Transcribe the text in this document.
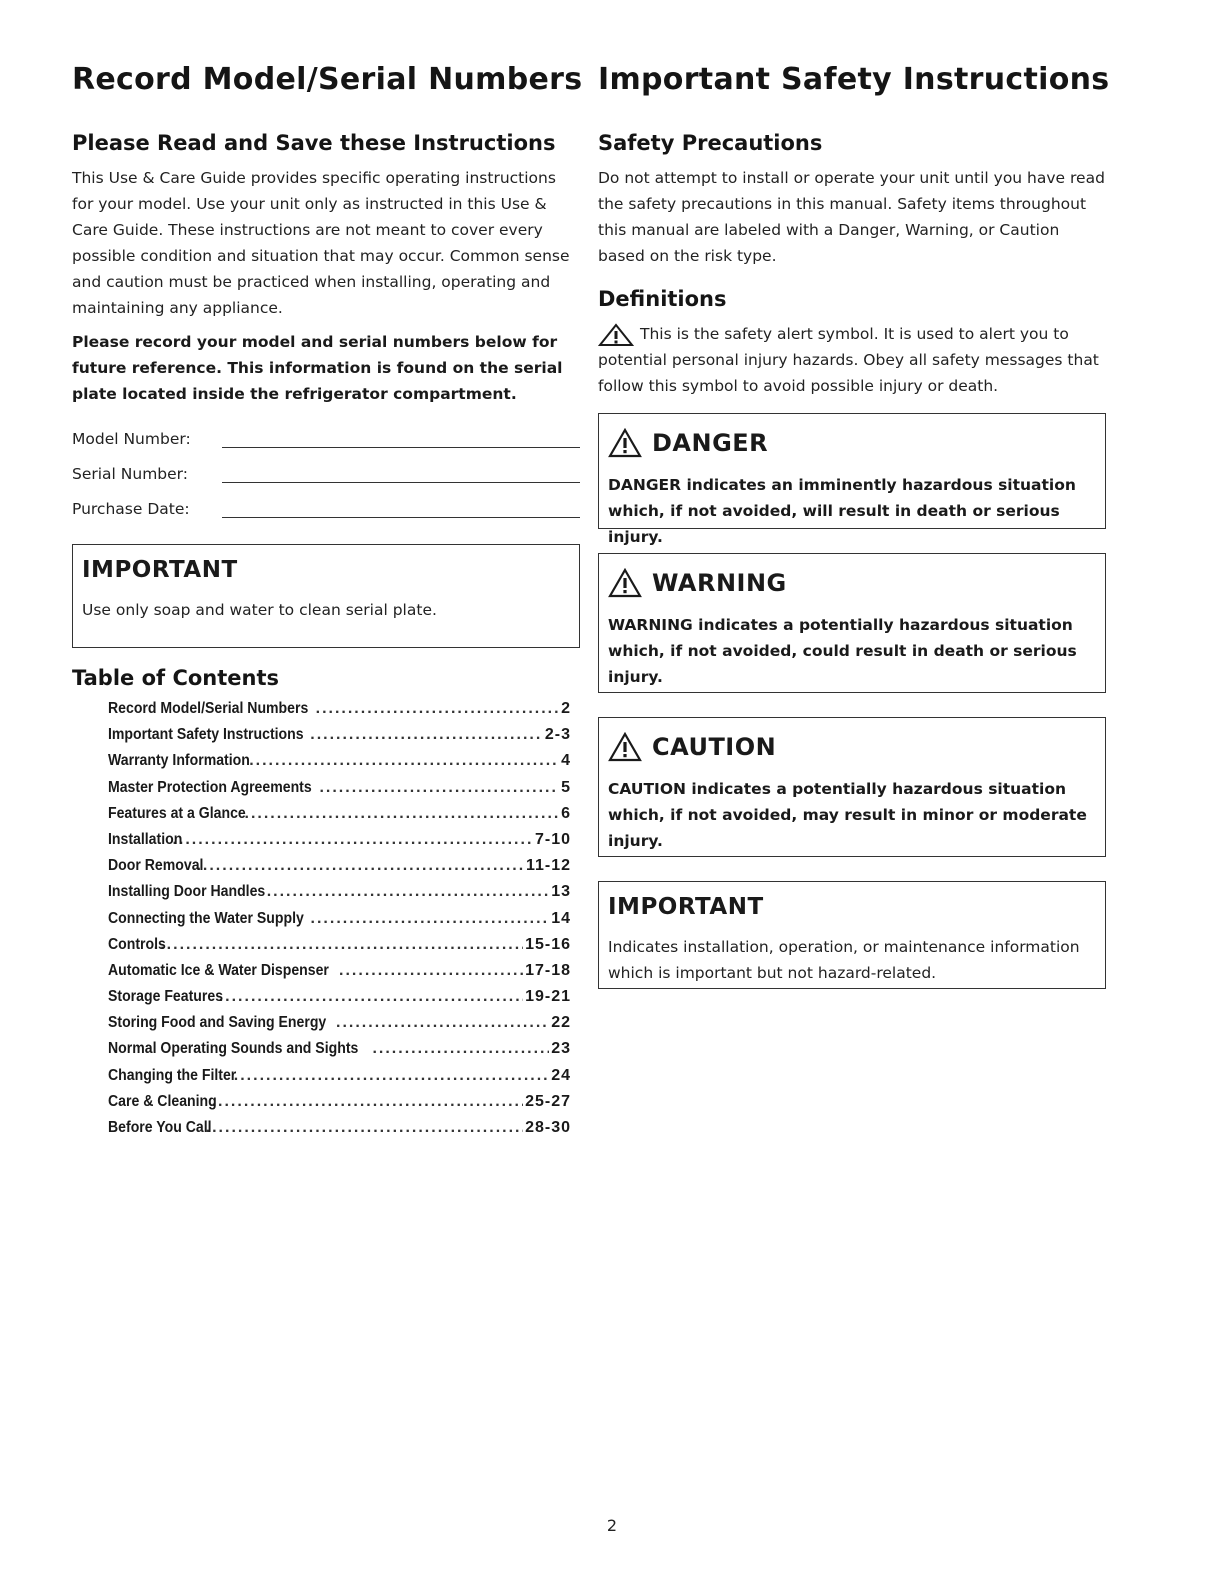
Record Model/Serial Numbers
Please Read and Save these Instructions

This Use & Care Guide provides specific operating instructions for your model. Use your unit only as instructed in this Use & Care Guide. These instructions are not meant to cover every possible condition and situation that may occur. Common sense and caution must be practiced when installing, operating and maintaining any appliance.

Please record your model and serial numbers below for future reference. This information is found on the serial plate located inside the refrigerator compartment.

Model Number:
Serial Number:
Purchase Date:
IMPORTANT

Use only soap and water to clean serial plate.

Table of Contents
Record Model/Serial Numbers .....	2
Important Safety Instructions .....	2-3
Warranty Information .....	4
Master Protection Agreements .....	5
Features at a Glance .....	6
Installation .....	7-10
Door Removal .....	11-12
Installing Door Handles .....	13
Connecting the Water Supply .....	14
Controls .....	15-16
Automatic Ice & Water Dispenser .....	17-18
Storage Features .....	19-21
Storing Food and Saving Energy .....	22
Normal Operating Sounds and Sights .....	23
Changing the Filter .....	24
Care & Cleaning .....	25-27
Before You Call .....	28-30
Important Safety Instructions
Safety Precautions

Do not attempt to install or operate your unit until you have read the safety precautions in this manual. Safety items throughout this manual are labeled with a Danger, Warning, or Caution based on the risk type.

Definitions

This is the safety alert symbol. It is used to alert you to potential personal injury hazards. Obey all safety messages that follow this symbol to avoid possible injury or death.

DANGER

DANGER indicates an imminently hazardous situation which, if not avoided, will result in death or serious injury.

WARNING

WARNING indicates a potentially hazardous situation which, if not avoided, could result in death or serious injury.

CAUTION

CAUTION indicates a potentially hazardous situation which, if not avoided, may result in minor or moderate injury.

IMPORTANT

Indicates installation, operation, or maintenance information which is important but not hazard-related.

2
